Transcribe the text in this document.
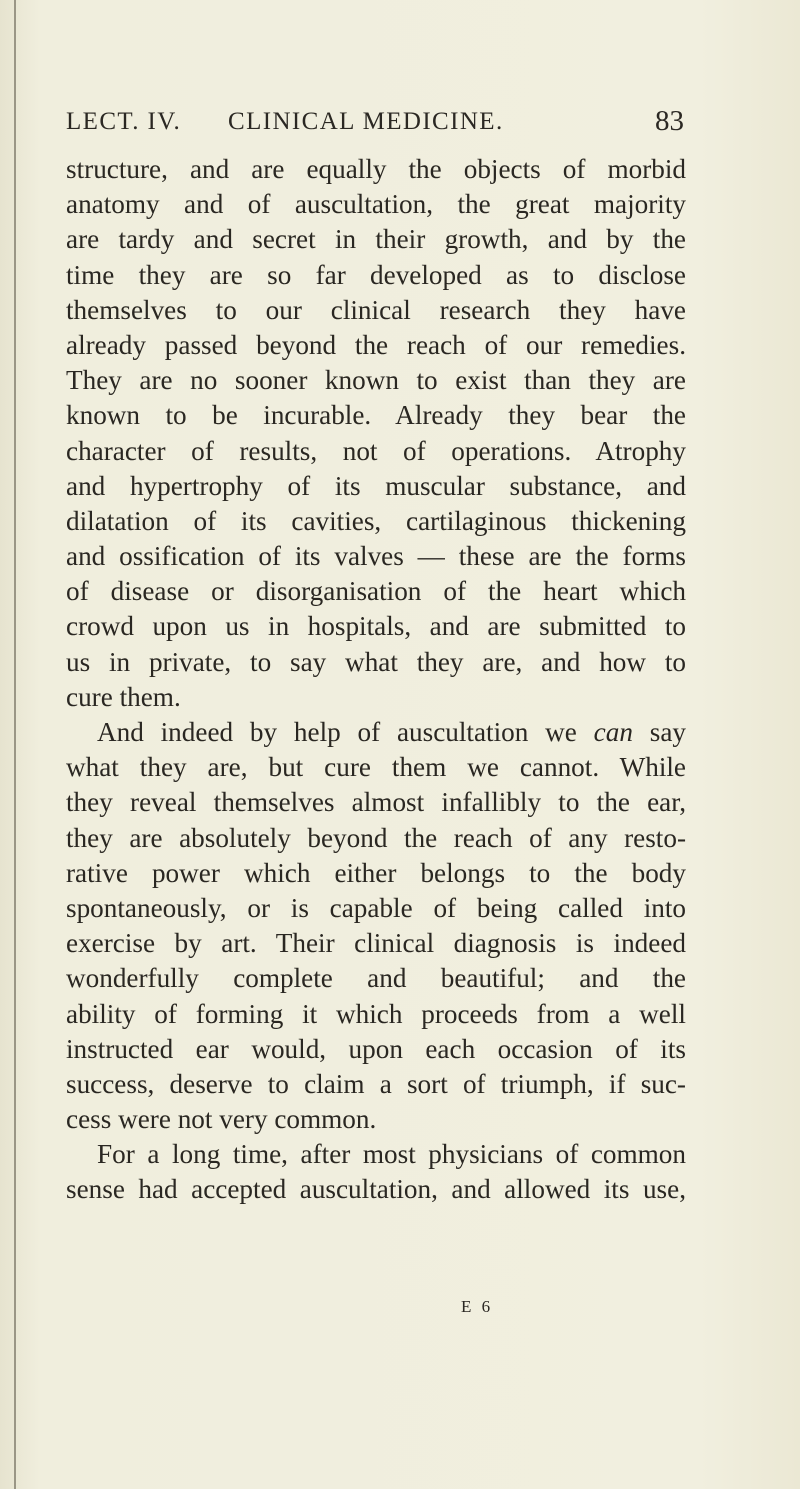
LECT. IV. CLINICAL MEDICINE.	83
structure, and are equally the objects of morbid
anatomy and of auscultation, the great majority
are tardy and secret in their growth, and by the
time they are so far developed as to disclose
themselves to our clinical research they have
already passed beyond the reach of our remedies.
They are no sooner known to exist than they are
known to be incurable. Already they bear the
character of results, not of operations. Atrophy
and hypertrophy of its muscular substance, and
dilatation of its cavities, cartilaginous thickening
and ossification of its valves — these are the forms
of disease or disorganisation of the heart which
crowd upon us in hospitals, and are submitted to
us in private, to say what they are, and how to
cure them.
And indeed by help of auscultation we can say
what they are, but cure them we cannot. While
they reveal themselves almost infallibly to the ear,
they are absolutely beyond the reach of any resto-
rative power which either belongs to the body
spontaneously, or is capable of being called into
exercise by art. Their clinical diagnosis is indeed
wonderfully complete and beautiful; and the
ability of forming it which proceeds from a well
instructed ear would, upon each occasion of its
success, deserve to claim a sort of triumph, if suc-
cess were not very common.
For a long time, after most physicians of common
sense had accepted auscultation, and allowed its use,
E 6
